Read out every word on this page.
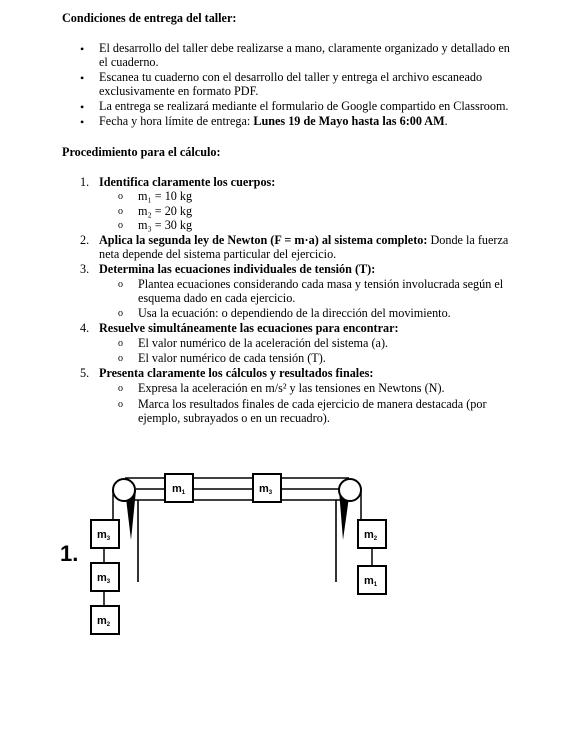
Condiciones de entrega del taller:
• El desarrollo del taller debe realizarse a mano, claramente organizado y detallado en
el cuaderno.
• Escanea tu cuaderno con el desarrollo del taller y entrega el archivo escaneado
exclusivamente en formato PDF.
• La entrega se realizará mediante el formulario de Google compartido en Classroom.
• Fecha y hora límite de entrega: Lunes 19 de Mayo hasta las 6:00 AM.
Procedimiento para el cálculo:
1. Identifica claramente los cuerpos:
o m₁ = 10 kg
o m₂ = 20 kg
o m₃ = 30 kg
2. Aplica la segunda ley de Newton (F = m·a) al sistema completo: Donde la fuerza
neta depende del sistema particular del ejercicio.
3. Determina las ecuaciones individuales de tensión (T):
o Plantea ecuaciones considerando cada masa y tensión involucrada según el
esquema dado en cada ejercicio.
o Usa la ecuación: o dependiendo de la dirección del movimiento.
4. Resuelve simultáneamente las ecuaciones para encontrar:
o El valor numérico de la aceleración del sistema (a).
o El valor numérico de cada tensión (T).
5. Presenta claramente los cálculos y resultados finales:
o Expresa la aceleración en m/s² y las tensiones en Newtons (N).
o Marca los resultados finales de cada ejercicio de manera destacada (por
ejemplo, subrayados o en un recuadro).
1.
m1	m3
m3
m3
m2
m2
m1
